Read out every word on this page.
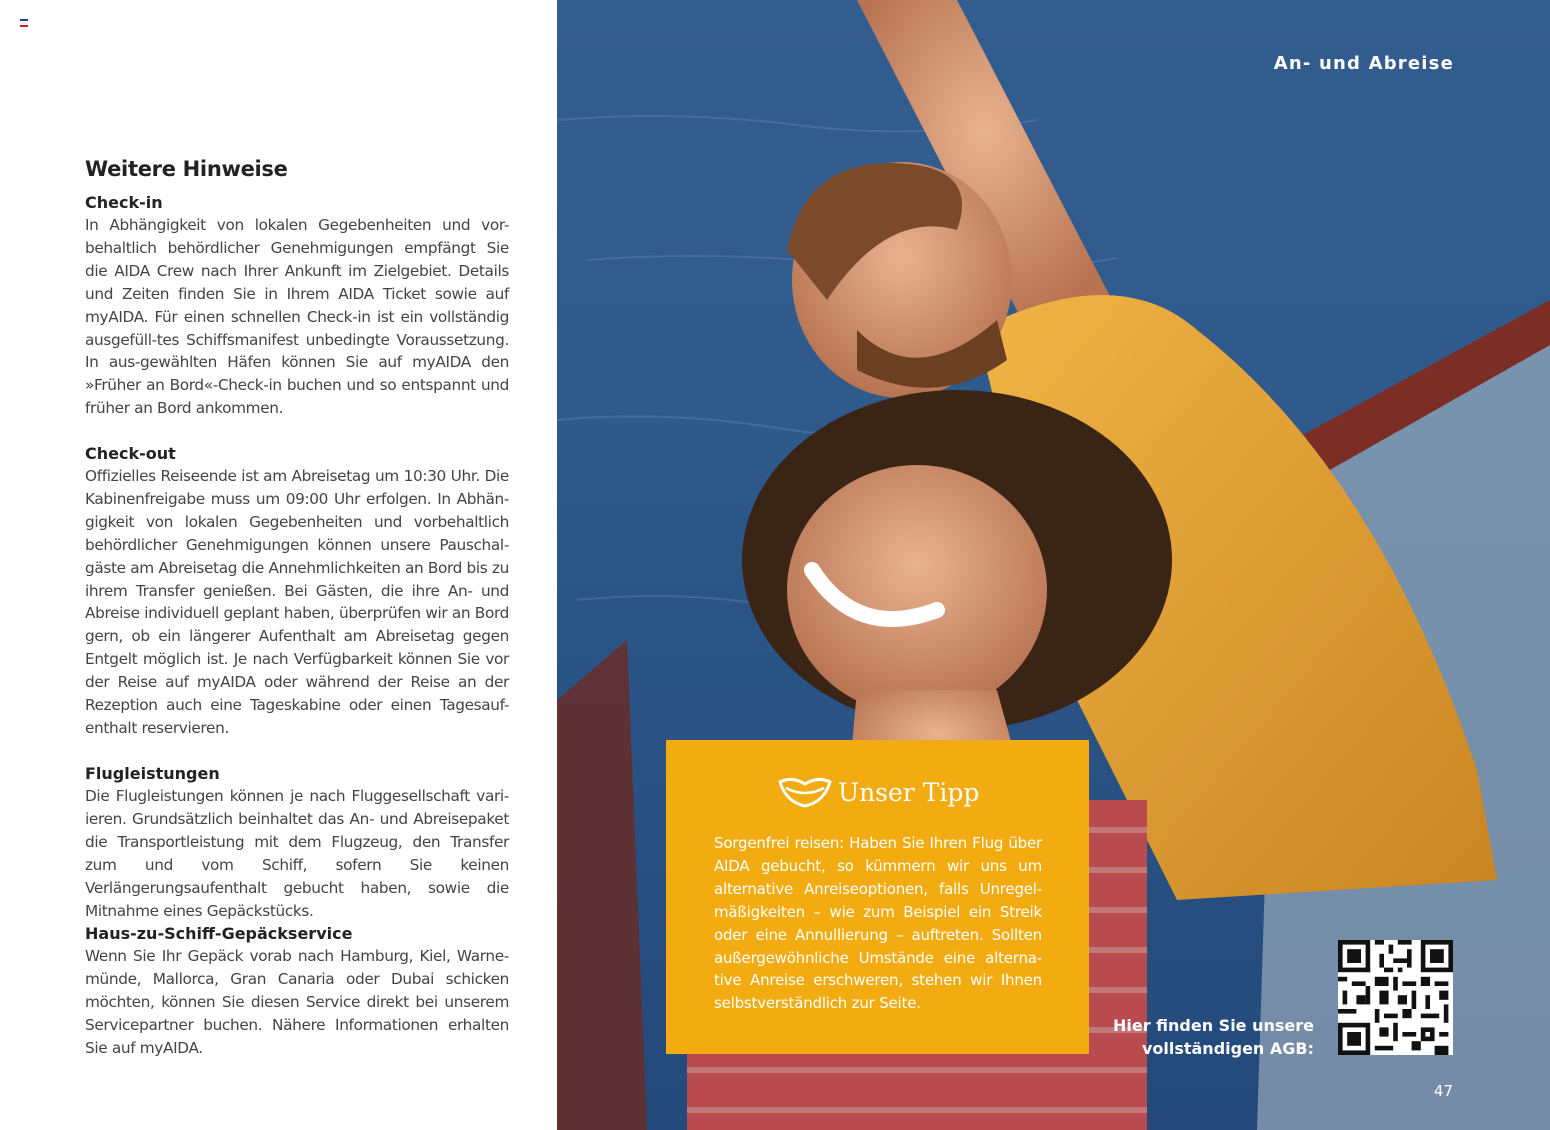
Weitere Hinweise
Check-in

In Abhängigkeit von lokalen Gegebenheiten und vor-behaltlich behördlicher Genehmigungen empfängt Sie die AIDA Crew nach Ihrer Ankunft im Zielgebiet. Details und Zeiten finden Sie in Ihrem AIDA Ticket sowie auf myAIDA. Für einen schnellen Check-in ist ein vollständig ausgefüll-tes Schiffsmanifest unbedingte Voraussetzung. In aus-gewählten Häfen können Sie auf myAIDA den »Früher an Bord«-Check-in buchen und so entspannt und früher an Bord ankommen.

Check-out

Offizielles Reiseende ist am Abreisetag um 10:30 Uhr. Die Kabinenfreigabe muss um 09:00 Uhr erfolgen. In Abhän-gigkeit von lokalen Gegebenheiten und vorbehaltlich behördlicher Genehmigungen können unsere Pauschal-gäste am Abreisetag die Annehmlichkeiten an Bord bis zu ihrem Transfer genießen. Bei Gästen, die ihre An- und Abreise individuell geplant haben, überprüfen wir an Bord gern, ob ein längerer Aufenthalt am Abreisetag gegen Entgelt möglich ist. Je nach Verfügbarkeit können Sie vor der Reise auf myAIDA oder während der Reise an der Rezeption auch eine Tageskabine oder einen Tagesauf-enthalt reservieren.

Flugleistungen

Die Flugleistungen können je nach Fluggesellschaft vari-ieren. Grundsätzlich beinhaltet das An- und Abreisepaket die Transportleistung mit dem Flugzeug, den Transfer zum und vom Schiff, sofern Sie keinen Verlängerungsaufenthalt gebucht haben, sowie die Mitnahme eines Gepäckstücks.

Haus-zu-Schiff-Gepäckservice

Wenn Sie Ihr Gepäck vorab nach Hamburg, Kiel, Warne-münde, Mallorca, Gran Canaria oder Dubai schicken möchten, können Sie diesen Service direkt bei unserem Servicepartner buchen. Nähere Informationen erhalten Sie auf myAIDA.

An- und Abreise
Unser Tipp
Sorgenfrei reisen: Haben Sie Ihren Flug über AIDA gebucht, so kümmern wir uns um alternative Anreiseoptionen, falls Unregel-mäßigkeiten – wie zum Beispiel ein Streik oder eine Annullierung – auftreten. Sollten außergewöhnliche Umstände eine alterna-tive Anreise erschweren, stehen wir Ihnen selbstverständlich zur Seite.
Hier finden Sie unsere
vollständigen AGB:
47
